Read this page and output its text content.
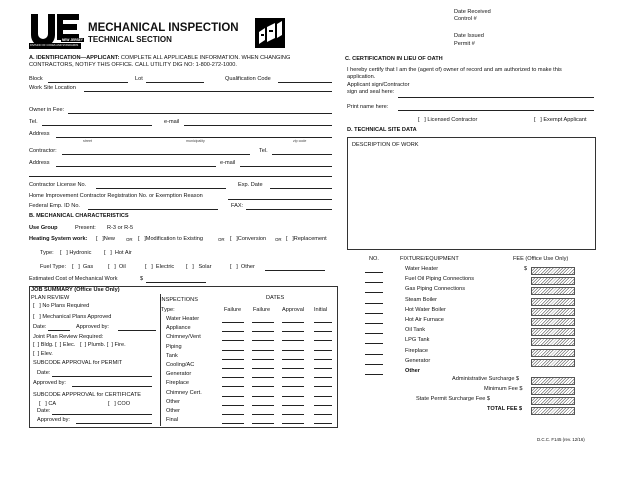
NEW JERSEY
DIVISION OF CODES AND STANDARDS
MECHANICAL INSPECTION
TECHNICAL SECTION
Date Received
Control #
Date Issued
Permit #
A. IDENTIFICATION—APPLICANT: COMPLETE ALL APPLICABLE INFORMATION. WHEN CHANGING
CONTRACTORS, NOTIFY THIS OFFICE. CALL UTILITY DIG NO: 1-800-272-1000.
Block	Lot	Qualification Code
Work Site Location
Owner in Fee:
Tel.	e-mail
Address
street	municipality	zip code
Contractor:	Tel.
Address	e-mail
Contractor License No.	Exp. Date
Home Improvement Contractor Registration No. or Exemption Reason
Federal Emp. ID No.	FAX:
B. MECHANICAL CHARACTERISTICS
Use Group	Present: R-3 or R-5
Heating System work: [   ]New	OR [   ]Modification to Existing	OR [   ]Conversion OR [   ]Replacement
Type: [   ] Hydronic [   ]  Hot Air
Fuel Type: [   ]  Gas	[   ]  Oil	[   ]  Electric [   ]   Solar	[   ]  Other
Estimated Cost of Mechanical Work	$
JOB SUMMARY (Office Use Only)
PLAN REVIEW
[   ] No Plans Required
[   ] Mechanical Plans Approved
Date:	Approved by:
Joint Plan Review Required:
[  ] Bldg. [  ] Elec.   [  ] Plumb. [  ] Fire.
[  ] Elev.
SUBCODE APPROVAL for PERMIT
Date:
Approved by:
SUBCODE APPPROVAL for CERTIFICATE
[   ] CA	[   ] COO
Date:
Approved by:
INSPECTIONS	DATES
Type:	Failure Failure Approval Initial
Water Heater
Appliance
Chimney/Vent
Piping
Tank
Cooling/AC
Generator
Fireplace
Chimney Cert.
Other
Other
Final
C. CERTIFICATION IN LIEU OF OATH
I hereby certify that I am the (agent of) owner of record and am authorized to make this
application.
Applicant sign/Contractor
sign and seal here:
Print name here:
[   ] Licensed Contractor	[   ] Exempt Applicant
D. TECHNICAL SITE DATA
DESCRIPTION OF WORK
NO.	FIXTURE/EQUIPMENT	FEE (Office Use Only)
$
Water Heater
Fuel Oil Piping Connections
Gas Piping Connections
Steam Boiler
Hot Water Boiler
Hot Air Furnace
Oil Tank
LPG Tank
Fireplace
Generator
Other
Administrative Surcharge $
Minimum Fee $
State Permit Surcharge Fee $
TOTAL FEE $
D.C.C. F145 (rev. 12/16)
